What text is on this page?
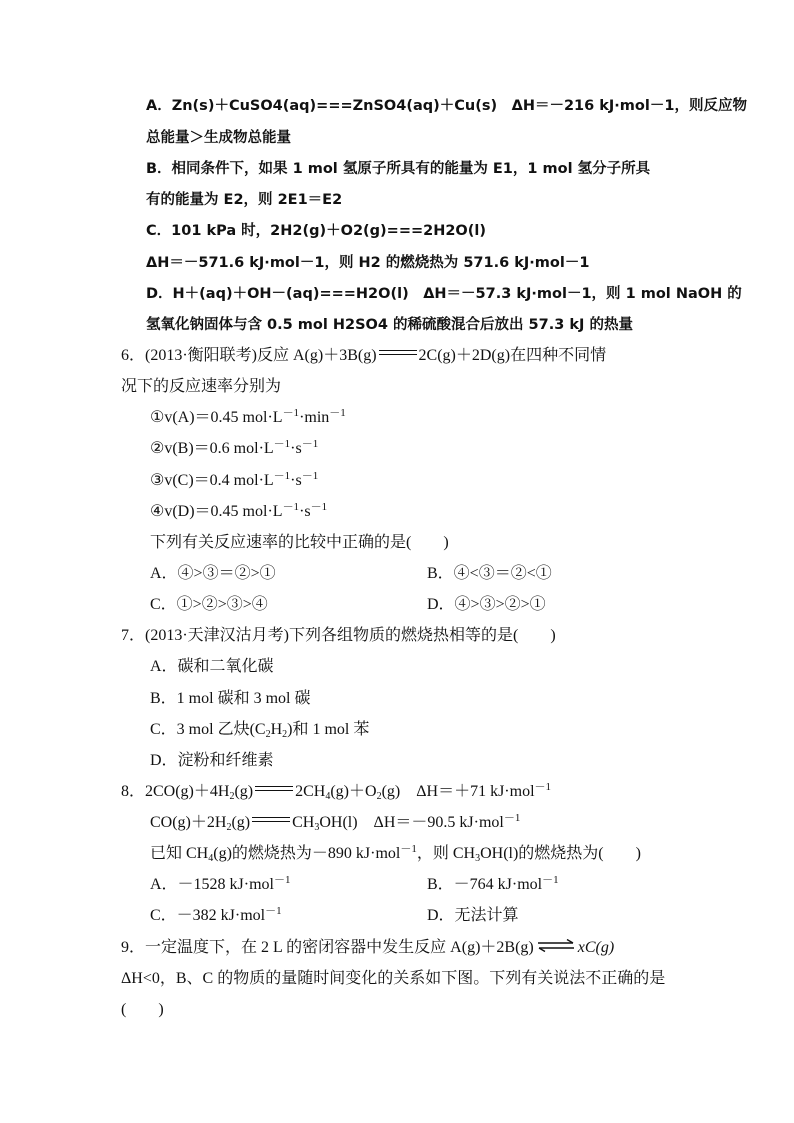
A．Zn(s)＋CuSO4(aq)===ZnSO4(aq)＋Cu(s)　ΔH＝－216 kJ·mol－1，则反应物
总能量＞生成物总能量
B．相同条件下，如果 1 mol 氢原子所具有的能量为 E1，1 mol 氢分子所具
有的能量为 E2，则 2E1＝E2
C．101 kPa 时，2H2(g)＋O2(g)===2H2O(l)
ΔH＝－571.6 kJ·mol－1，则 H2 的燃烧热为 571.6 kJ·mol－1
D．H＋(aq)＋OH－(aq)===H2O(l)　ΔH＝－57.3 kJ·mol－1，则 1 mol NaOH 的
氢氧化钠固体与含 0.5 mol H2SO4 的稀硫酸混合后放出 57.3 kJ 的热量
6．(2013·衡阳联考)反应 A(g)＋3B(g)	2C(g)＋2D(g)在四种不同情
况下的反应速率分别为
①v(A)＝0.45 $mol\cdot L^{-1}\cdot\min^{-1}$
②v(B)＝0.6 $mol\cdot L^{-1}\cdot s^{-1}$
③v(C)＝0.4 $mol\cdot L^{-1}\cdot s^{-1}$
④v(D)＝0.45 $mol\cdot L^{-1}\cdot s^{-1}$
下列有关反应速率的比较中正确的是(　　)
A．④>③＝②>①	B．④<③＝②<①
C．①>②>③>④	D．④>③>②>①
7．(2013·天津汉沽月考)下列各组物质的燃烧热相等的是(　　)
A．碳和二氧化碳
B．1 mol 碳和 3 mol 碳
C．3 mol 乙炔$(C_2H_2)$和 1 mol 苯
D．淀粉和纤维素
8．$2CO(g)+4H_2(g)$	$2CH_4(g)+O_2(g)$　ΔH＝＋71 kJ·mol$^{-1}$
$CO(g)+2H_2(g)$	$CH_3OH(l)$　ΔH＝－90.5 kJ·mol$^{-1}$
已知 $CH_4(g)$的燃烧热为－890 kJ·mol$^{-1}$，则 $CH_3OH(l)$的燃烧热为(　　)
A．－1528 kJ·mol$^{-1}$	B．－764 kJ·mol$^{-1}$
C．－382 kJ·mol$^{-1}$	D．无法计算
9．一定温度下，在 2 L 的密闭容器中发生反应 A(g)＋2B(g) ⇌ xC(g)
ΔH<0，B、C 的物质的量随时间变化的关系如下图。下列有关说法不正确的是
(　　)
